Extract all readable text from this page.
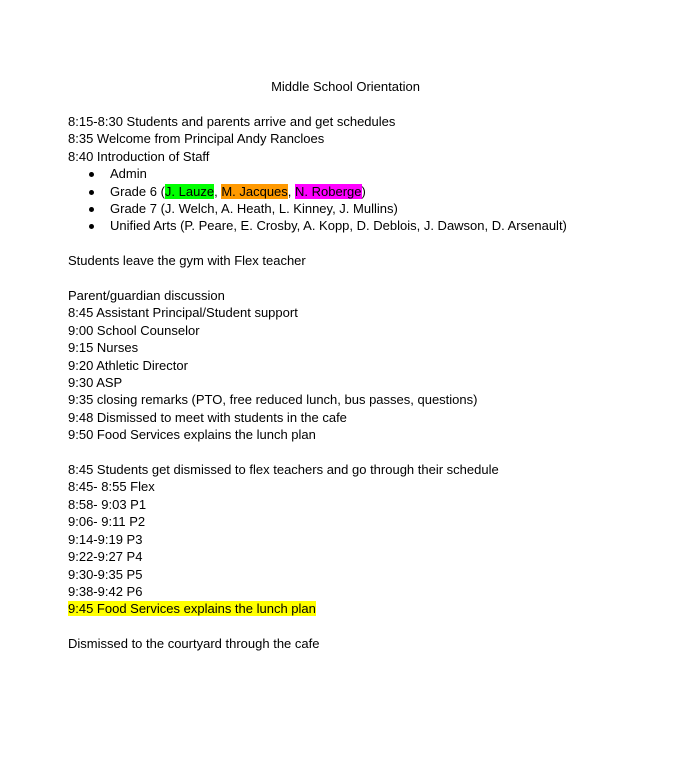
Middle School Orientation
8:15-8:30 Students and parents arrive and get schedules
8:35 Welcome from Principal Andy Rancloes
8:40 Introduction of Staff
Admin
Grade 6 (J. Lauze, M. Jacques, N. Roberge)
Grade 7 (J. Welch, A. Heath, L. Kinney, J. Mullins)
Unified Arts (P. Peare, E. Crosby, A. Kopp, D. Deblois, J. Dawson, D. Arsenault)
Students leave the gym with Flex teacher
Parent/guardian discussion
8:45 Assistant Principal/Student support
9:00 School Counselor
9:15 Nurses
9:20 Athletic Director
9:30 ASP
9:35 closing remarks (PTO, free reduced lunch, bus passes, questions)
9:48 Dismissed to meet with students in the cafe
9:50 Food Services explains the lunch plan
8:45 Students get dismissed to flex teachers and go through their schedule
8:45- 8:55 Flex
8:58- 9:03 P1
9:06- 9:11 P2
9:14-9:19 P3
9:22-9:27 P4
9:30-9:35 P5
9:38-9:42 P6
9:45 Food Services explains the lunch plan
Dismissed to the courtyard through the cafe
